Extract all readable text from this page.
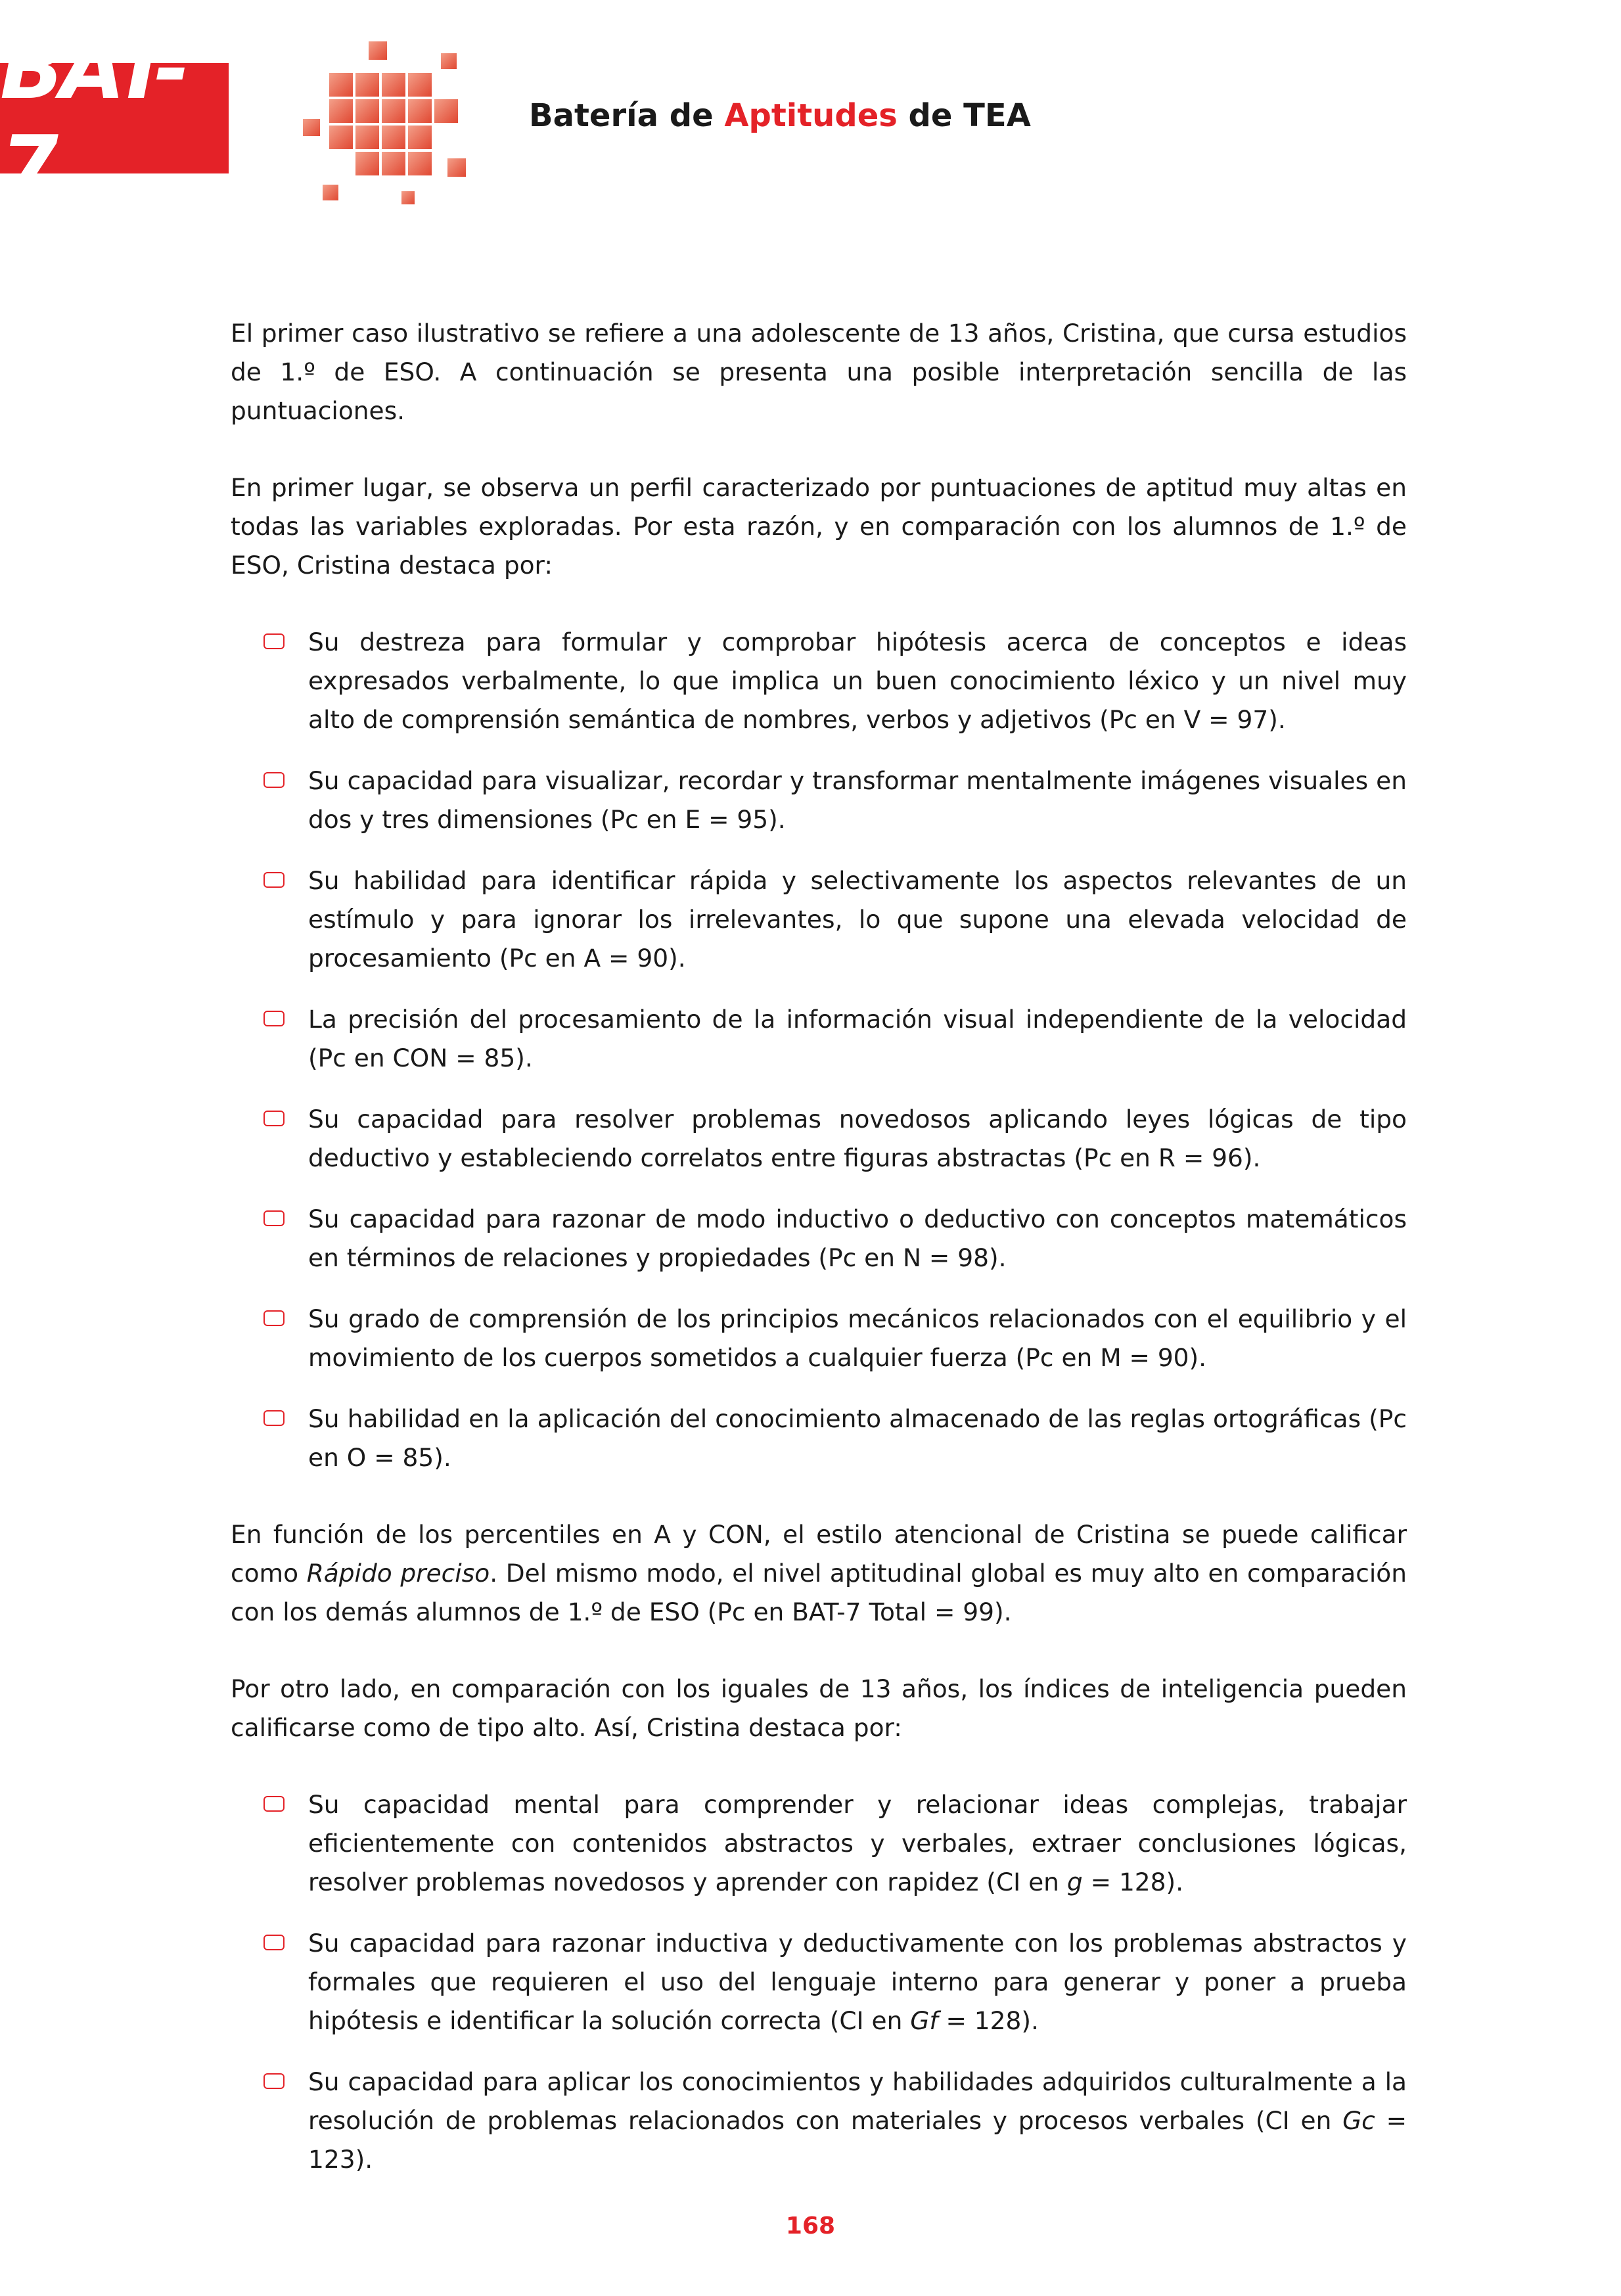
BAT-7
Batería de Aptitudes de TEA

El primer caso ilustrativo se refiere a una adolescente de 13 años, Cristina, que cursa estudios de 1.º de ESO. A continuación se presenta una posible interpretación sencilla de las puntuaciones.

En primer lugar, se observa un perfil caracterizado por puntuaciones de aptitud muy altas en todas las variables exploradas. Por esta razón, y en comparación con los alumnos de 1.º de ESO, Cristina destaca por:

Su destreza para formular y comprobar hipótesis acerca de conceptos e ideas expresados verbalmente, lo que implica un buen conocimiento léxico y un nivel muy alto de comprensión semántica de nombres, verbos y adjetivos (Pc en V = 97).
Su capacidad para visualizar, recordar y transformar mentalmente imágenes visuales en dos y tres dimensiones (Pc en E = 95).
Su habilidad para identificar rápida y selectivamente los aspectos relevantes de un estímulo y para ignorar los irrelevantes, lo que supone una elevada velocidad de procesamiento (Pc en A = 90).
La precisión del procesamiento de la información visual independiente de la velocidad (Pc en CON = 85).
Su capacidad para resolver problemas novedosos aplicando leyes lógicas de tipo deductivo y estableciendo correlatos entre figuras abstractas (Pc en R = 96).
Su capacidad para razonar de modo inductivo o deductivo con conceptos matemáticos en términos de relaciones y propiedades (Pc en N = 98).
Su grado de comprensión de los principios mecánicos relacionados con el equilibrio y el movimiento de los cuerpos sometidos a cualquier fuerza (Pc en M = 90).
Su habilidad en la aplicación del conocimiento almacenado de las reglas ortográficas (Pc en O = 85).

En función de los percentiles en A y CON, el estilo atencional de Cristina se puede calificar como Rápido preciso. Del mismo modo, el nivel aptitudinal global es muy alto en comparación con los demás alumnos de 1.º de ESO (Pc en BAT-7 Total = 99).

Por otro lado, en comparación con los iguales de 13 años, los índices de inteligencia pueden calificarse como de tipo alto. Así, Cristina destaca por:

Su capacidad mental para comprender y relacionar ideas complejas, trabajar eficientemente con contenidos abstractos y verbales, extraer conclusiones lógicas, resolver problemas novedosos y aprender con rapidez (CI en g = 128).
Su capacidad para razonar inductiva y deductivamente con los problemas abstractos y formales que requieren el uso del lenguaje interno para generar y poner a prueba hipótesis e identificar la solución correcta (CI en Gf = 128).
Su capacidad para aplicar los conocimientos y habilidades adquiridos culturalmente a la resolución de problemas relacionados con materiales y procesos verbales (CI en Gc = 123).
168
